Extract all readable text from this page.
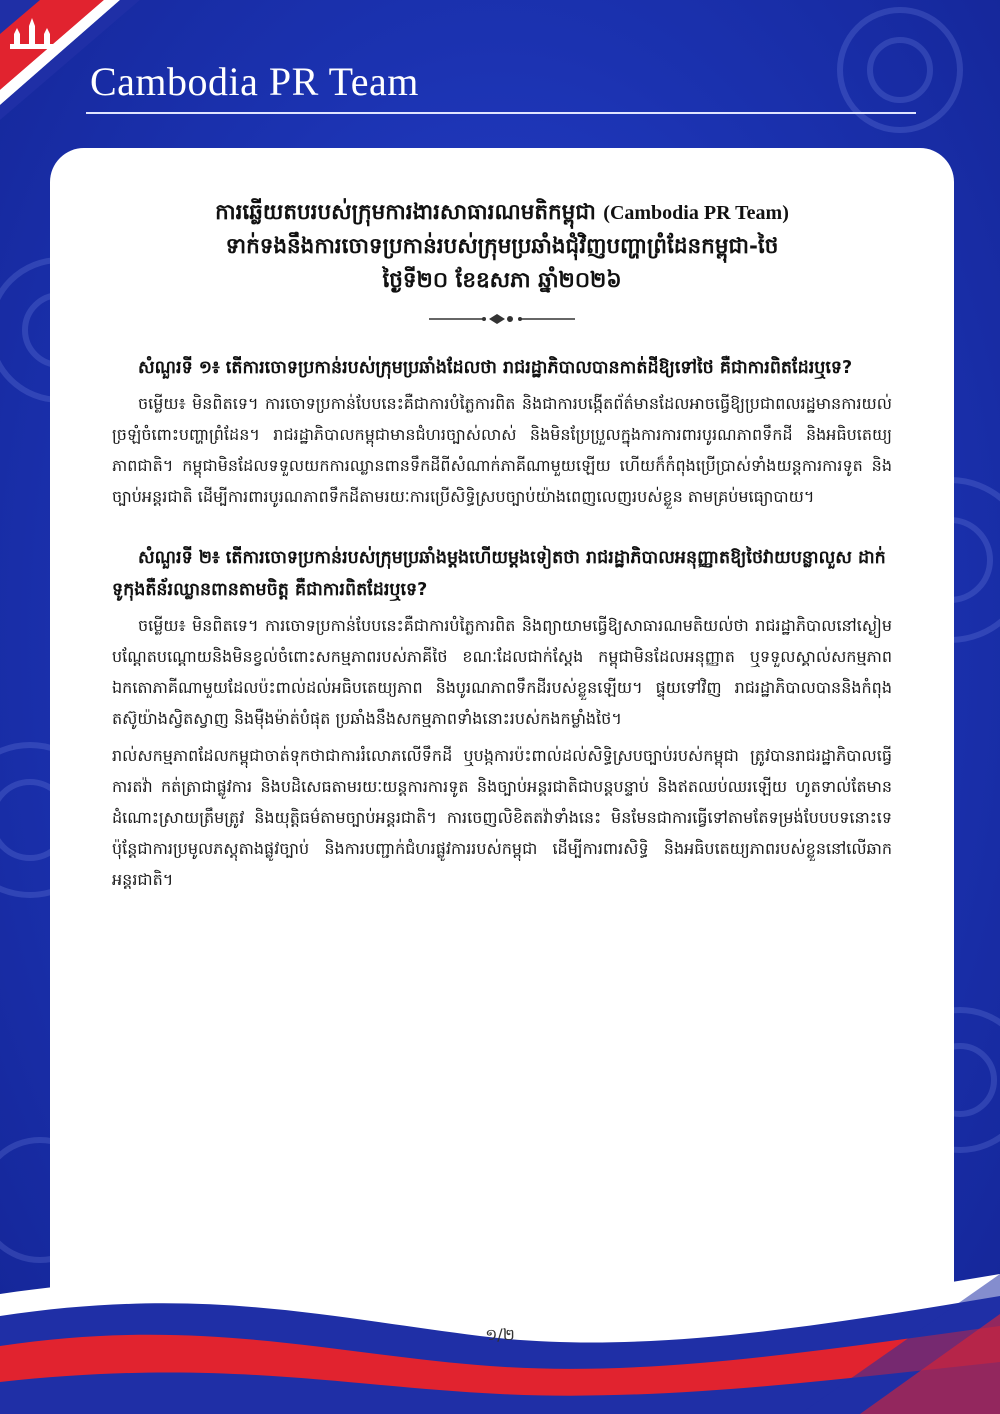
Cambodia PR Team
ការឆ្លើយតបរបស់ក្រុមការងារសាធារណមតិកម្ពុជា (Cambodia PR Team)
ទាក់ទងនឹងការចោទប្រកាន់របស់ក្រុមប្រឆាំងជុំវិញបញ្ហាព្រំដែនកម្ពុជា-ថៃ
ថ្ងៃទី២០ ខែឧសភា ឆ្នាំ២០២៦

សំណួរទី ១៖ តើការចោទប្រកាន់របស់ក្រុមប្រឆាំងដែលថា រាជរដ្ឋាភិបាលបានកាត់ដីឱ្យទៅថៃ គឺជាការពិតដែរឬទេ?

ចម្លើយ៖ មិនពិតទេ។ ការចោទប្រកាន់បែបនេះគឺជាការបំភ្លៃការពិត និងជាការបង្កើតព័ត៌មានដែលអាចធ្វើឱ្យប្រជាពលរដ្ឋមានការយល់ច្រឡំចំពោះបញ្ហាព្រំដែន។ រាជរដ្ឋាភិបាលកម្ពុជាមានជំហរច្បាស់លាស់ និងមិនប្រែប្រួលក្នុងការការពារបូរណភាពទឹកដី និងអធិបតេយ្យភាពជាតិ។ កម្ពុជាមិនដែលទទួលយកការឈ្លានពានទឹកដីពីសំណាក់ភាគីណាមួយឡើយ ហើយក៏កំពុងប្រើប្រាស់ទាំងយន្តការការទូត និងច្បាប់អន្តរជាតិ ដើម្បីការពារបូរណភាពទឹកដីតាមរយៈការប្រើសិទ្ធិស្របច្បាប់យ៉ាងពេញលេញរបស់ខ្លួន តាមគ្រប់មធ្យោបាយ។

សំណួរទី ២៖ តើការចោទប្រកាន់របស់ក្រុមប្រឆាំងម្តងហើយម្តងទៀតថា រាជរដ្ឋាភិបាលអនុញ្ញាតឱ្យថៃវាយបន្លាលួស ដាក់ទូកុងតឺន័រឈ្លានពានតាមចិត្ត គឺជាការពិតដែរឬទេ?

ចម្លើយ៖ មិនពិតទេ។ ការចោទប្រកាន់បែបនេះគឺជាការបំភ្លៃការពិត និងព្យាយាមធ្វើឱ្យសាធារណមតិយល់ថា រាជរដ្ឋាភិបាលនៅស្ងៀម បណ្តែតបណ្តោយនិងមិនខ្វល់ចំពោះសកម្មភាពរបស់ភាគីថៃ ខណៈដែលជាក់ស្តែង កម្ពុជាមិនដែលអនុញ្ញាត ឬទទួលស្គាល់សកម្មភាពឯកតោភាគីណាមួយដែលប៉ះពាល់ដល់អធិបតេយ្យភាព និងបូរណភាពទឹកដីរបស់ខ្លួនឡើយ។ ផ្ទុយទៅវិញ រាជរដ្ឋាភិបាលបាននិងកំពុងតស៊ូយ៉ាងស្វិតស្វាញ និងម៉ឺងម៉ាត់បំផុត ប្រឆាំងនឹងសកម្មភាពទាំងនោះរបស់កងកម្លាំងថៃ។

រាល់សកម្មភាពដែលកម្ពុជាចាត់ទុកថាជាការរំលោភលើទឹកដី ឬបង្កការប៉ះពាល់ដល់សិទ្ធិស្របច្បាប់របស់កម្ពុជា ត្រូវបានរាជរដ្ឋាភិបាលធ្វើការតវ៉ា កត់ត្រាជាផ្លូវការ និងបដិសេធតាមរយៈយន្តការការទូត និងច្បាប់អន្តរជាតិជាបន្តបន្ទាប់ និងឥតឈប់ឈរឡើយ ហូតទាល់តែមានដំណោះស្រាយត្រឹមត្រូវ និងយុត្តិធម៌តាមច្បាប់អន្តរជាតិ។ ការចេញលិខិតតវ៉ាទាំងនេះ មិនមែនជាការធ្វើទៅតាមតែទម្រង់បែបបទនោះទេ ប៉ុន្តែជាការប្រមូលភស្តុតាងផ្លូវច្បាប់ និងការបញ្ជាក់ជំហរផ្លូវការរបស់កម្ពុជា ដើម្បីការពារសិទ្ធិ និងអធិបតេយ្យភាពរបស់ខ្លួននៅលើឆាកអន្តរជាតិ។

១/២
